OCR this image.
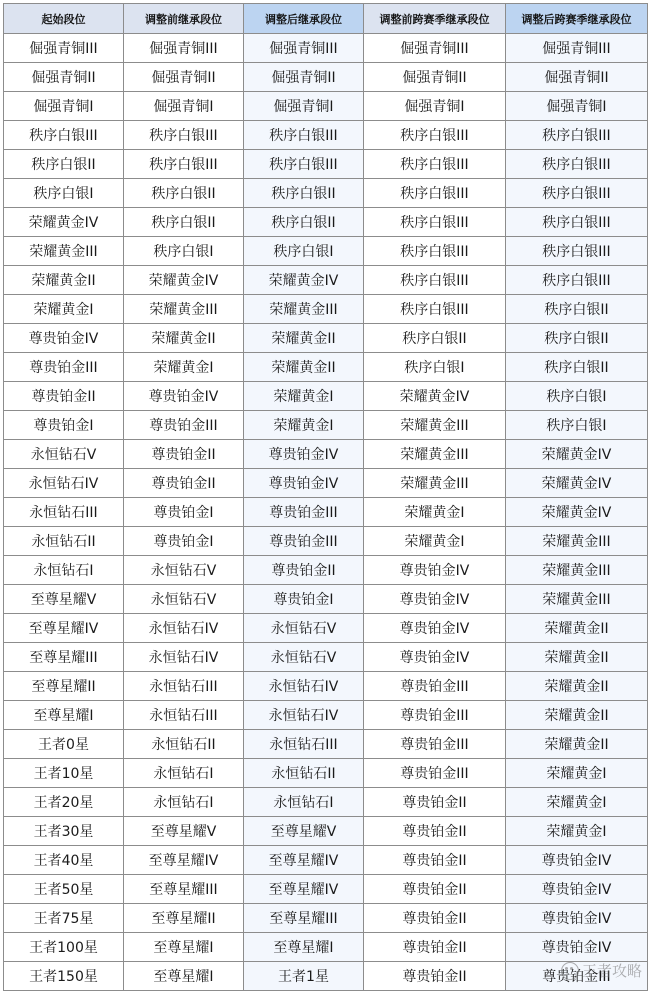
起始段位	调整前继承段位	调整后继承段位	调整前跨赛季继承段位	调整后跨赛季继承段位
倔强青铜III	倔强青铜III	倔强青铜III	倔强青铜III	倔强青铜III
倔强青铜II	倔强青铜II	倔强青铜II	倔强青铜II	倔强青铜II
倔强青铜I	倔强青铜I	倔强青铜I	倔强青铜I	倔强青铜I
秩序白银III	秩序白银III	秩序白银III	秩序白银III	秩序白银III
秩序白银II	秩序白银III	秩序白银III	秩序白银III	秩序白银III
秩序白银I	秩序白银II	秩序白银II	秩序白银III	秩序白银III
荣耀黄金IV	秩序白银II	秩序白银II	秩序白银III	秩序白银III
荣耀黄金III	秩序白银I	秩序白银I	秩序白银III	秩序白银III
荣耀黄金II	荣耀黄金IV	荣耀黄金IV	秩序白银III	秩序白银III
荣耀黄金I	荣耀黄金III	荣耀黄金III	秩序白银III	秩序白银II
尊贵铂金IV	荣耀黄金II	荣耀黄金II	秩序白银II	秩序白银II
尊贵铂金III	荣耀黄金I	荣耀黄金II	秩序白银I	秩序白银II
尊贵铂金II	尊贵铂金IV	荣耀黄金I	荣耀黄金IV	秩序白银I
尊贵铂金I	尊贵铂金III	荣耀黄金I	荣耀黄金III	秩序白银I
永恒钻石V	尊贵铂金II	尊贵铂金IV	荣耀黄金III	荣耀黄金IV
永恒钻石IV	尊贵铂金II	尊贵铂金IV	荣耀黄金III	荣耀黄金IV
永恒钻石III	尊贵铂金I	尊贵铂金III	荣耀黄金I	荣耀黄金IV
永恒钻石II	尊贵铂金I	尊贵铂金III	荣耀黄金I	荣耀黄金III
永恒钻石I	永恒钻石V	尊贵铂金II	尊贵铂金IV	荣耀黄金III
至尊星耀V	永恒钻石V	尊贵铂金I	尊贵铂金IV	荣耀黄金III
至尊星耀IV	永恒钻石IV	永恒钻石V	尊贵铂金IV	荣耀黄金II
至尊星耀III	永恒钻石IV	永恒钻石V	尊贵铂金IV	荣耀黄金II
至尊星耀II	永恒钻石III	永恒钻石IV	尊贵铂金III	荣耀黄金II
至尊星耀I	永恒钻石III	永恒钻石IV	尊贵铂金III	荣耀黄金II
王者0星	永恒钻石II	永恒钻石III	尊贵铂金III	荣耀黄金II
王者10星	永恒钻石I	永恒钻石II	尊贵铂金III	荣耀黄金I
王者20星	永恒钻石I	永恒钻石I	尊贵铂金II	荣耀黄金I
王者30星	至尊星耀V	至尊星耀V	尊贵铂金II	荣耀黄金I
王者40星	至尊星耀IV	至尊星耀IV	尊贵铂金II	尊贵铂金IV
王者50星	至尊星耀III	至尊星耀IV	尊贵铂金II	尊贵铂金IV
王者75星	至尊星耀II	至尊星耀III	尊贵铂金II	尊贵铂金IV
王者100星	至尊星耀I	至尊星耀I	尊贵铂金II	尊贵铂金IV
王者150星	至尊星耀I	王者1星	尊贵铂金II	尊贵铂金III
王者攻略
